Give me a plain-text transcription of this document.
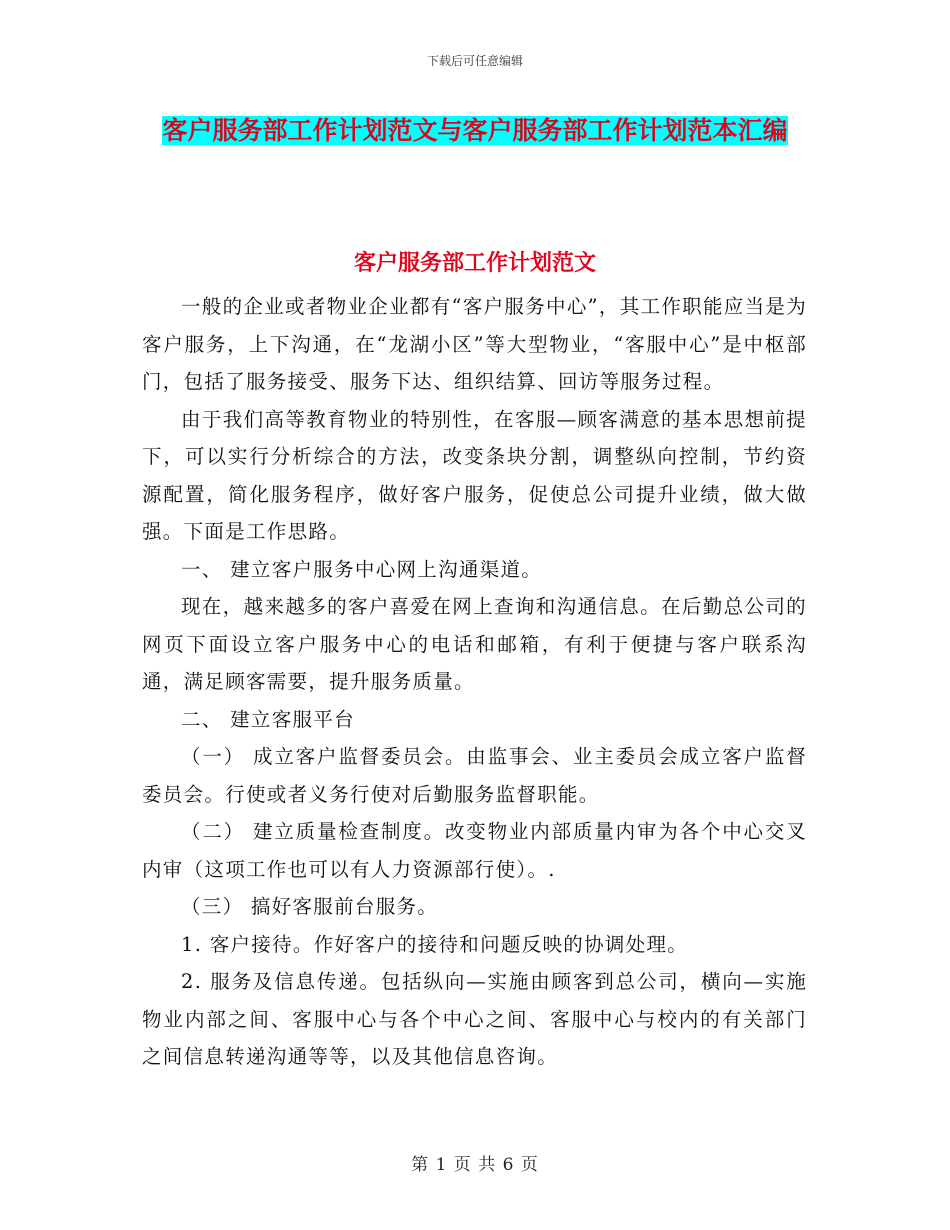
下载后可任意编辑
客户服务部工作计划范文与客户服务部工作计划范本汇编
客户服务部工作计划范文

一般的企业或者物业企业都有“客户服务中心”，其工作职能应当是为客户服务，上下沟通，在“龙湖小区”等大型物业，“客服中心”是中枢部门，包括了服务接受、服务下达、组织结算、回访等服务过程。

由于我们高等教育物业的特别性，在客服—顾客满意的基本思想前提下，可以实行分析综合的方法，改变条块分割，调整纵向控制，节约资源配置，简化服务程序，做好客户服务，促使总公司提升业绩，做大做强。下面是工作思路。

一、 建立客户服务中心网上沟通渠道。

现在，越来越多的客户喜爱在网上查询和沟通信息。在后勤总公司的网页下面设立客户服务中心的电话和邮箱，有利于便捷与客户联系沟通，满足顾客需要，提升服务质量。

二、 建立客服平台

（一） 成立客户监督委员会。由监事会、业主委员会成立客户监督委员会。行使或者义务行使对后勤服务监督职能。

（二） 建立质量检查制度。改变物业内部质量内审为各个中心交叉内审（这项工作也可以有人力资源部行使）。.

（三） 搞好客服前台服务。

1. 客户接待。作好客户的接待和问题反映的协调处理。

2. 服务及信息传递。包括纵向—实施由顾客到总公司，横向—实施物业内部之间、客服中心与各个中心之间、客服中心与校内的有关部门之间信息转递沟通等等，以及其他信息咨询。

第 1 页 共 6 页
